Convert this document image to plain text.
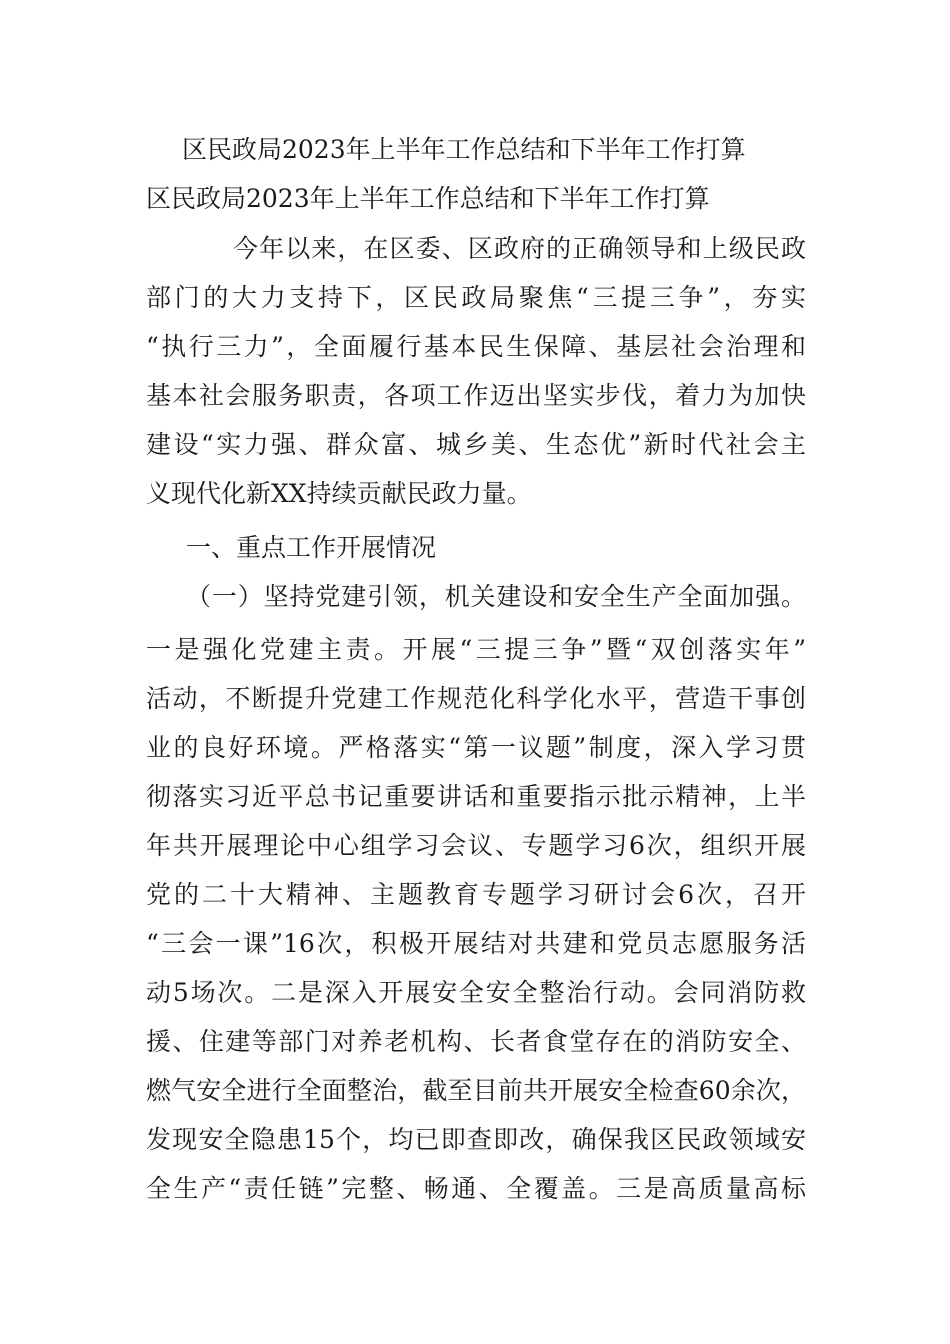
区民政局2023年上半年工作总结和下半年工作打算
区民政局2023年上半年工作总结和下半年工作打算
今年以来，在区委、区政府的正确领导和上级民政
部门的大力支持下，区民政局聚焦“三提三争”，夯实
“执行三力”，全面履行基本民生保障、基层社会治理和
基本社会服务职责，各项工作迈出坚实步伐，着力为加快
建设“实力强、群众富、城乡美、生态优”新时代社会主
义现代化新XX持续贡献民政力量。
一、重点工作开展情况
（一）坚持党建引领，机关建设和安全生产全面加强。
一是强化党建主责。开展“三提三争”暨“双创落实年”
活动，不断提升党建工作规范化科学化水平，营造干事创
业的良好环境。严格落实“第一议题”制度，深入学习贯
彻落实习近平总书记重要讲话和重要指示批示精神，上半
年共开展理论中心组学习会议、专题学习6次，组织开展
党的二十大精神、主题教育专题学习研讨会6次，召开
“三会一课”16次，积极开展结对共建和党员志愿服务活
动5场次。二是深入开展安全安全整治行动。会同消防救
援、住建等部门对养老机构、长者食堂存在的消防安全、
燃气安全进行全面整治，截至目前共开展安全检查60余次，
发现安全隐患15个，均已即查即改，确保我区民政领域安
全生产“责任链”完整、畅通、全覆盖。三是高质量高标
